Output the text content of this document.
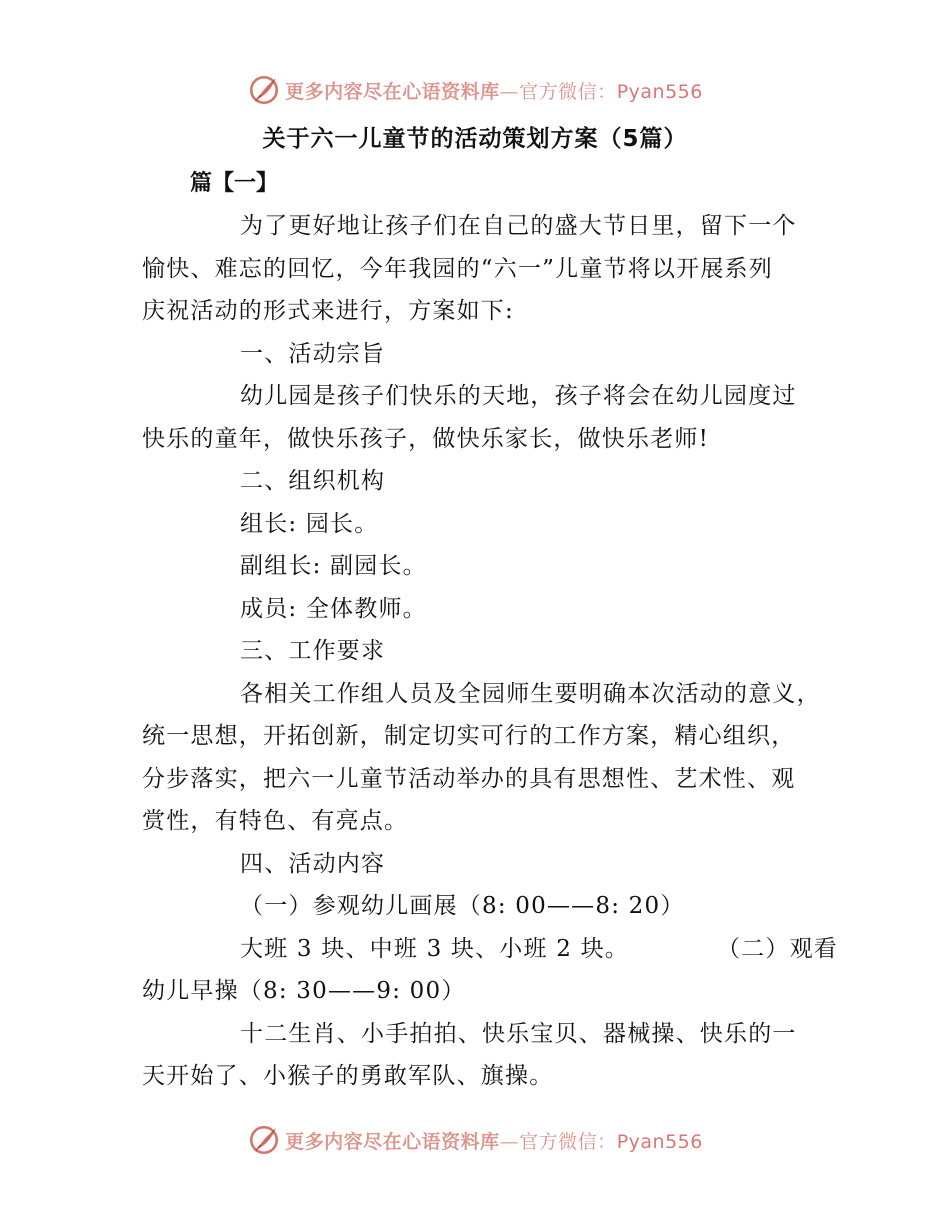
更多内容尽在心语资料库—官方微信：Pyan556
关于六一儿童节的活动策划方案（5篇）
篇【一】

为了更好地让孩子们在自己的盛大节日里，留下一个

愉快、难忘的回忆，今年我园的“六一”儿童节将以开展系列

庆祝活动的形式来进行，方案如下:

一、活动宗旨

幼儿园是孩子们快乐的天地，孩子将会在幼儿园度过

快乐的童年，做快乐孩子，做快乐家长，做快乐老师!

二、组织机构

组长: 园长。

副组长: 副园长。

成员: 全体教师。

三、工作要求

各相关工作组人员及全园师生要明确本次活动的意义，

统一思想，开拓创新，制定切实可行的工作方案，精心组织，

分步落实，把六一儿童节活动举办的具有思想性、艺术性、观

赏性，有特色、有亮点。

四、活动内容

（一）参观幼儿画展（8: 00——8: 20）

大班 3 块、中班 3 块、小班 2 块。	（二）观看

幼儿早操（8: 30——9: 00）

十二生肖、小手拍拍、快乐宝贝、器械操、快乐的一

天开始了、小猴子的勇敢军队、旗操。

更多内容尽在心语资料库—官方微信：Pyan556
